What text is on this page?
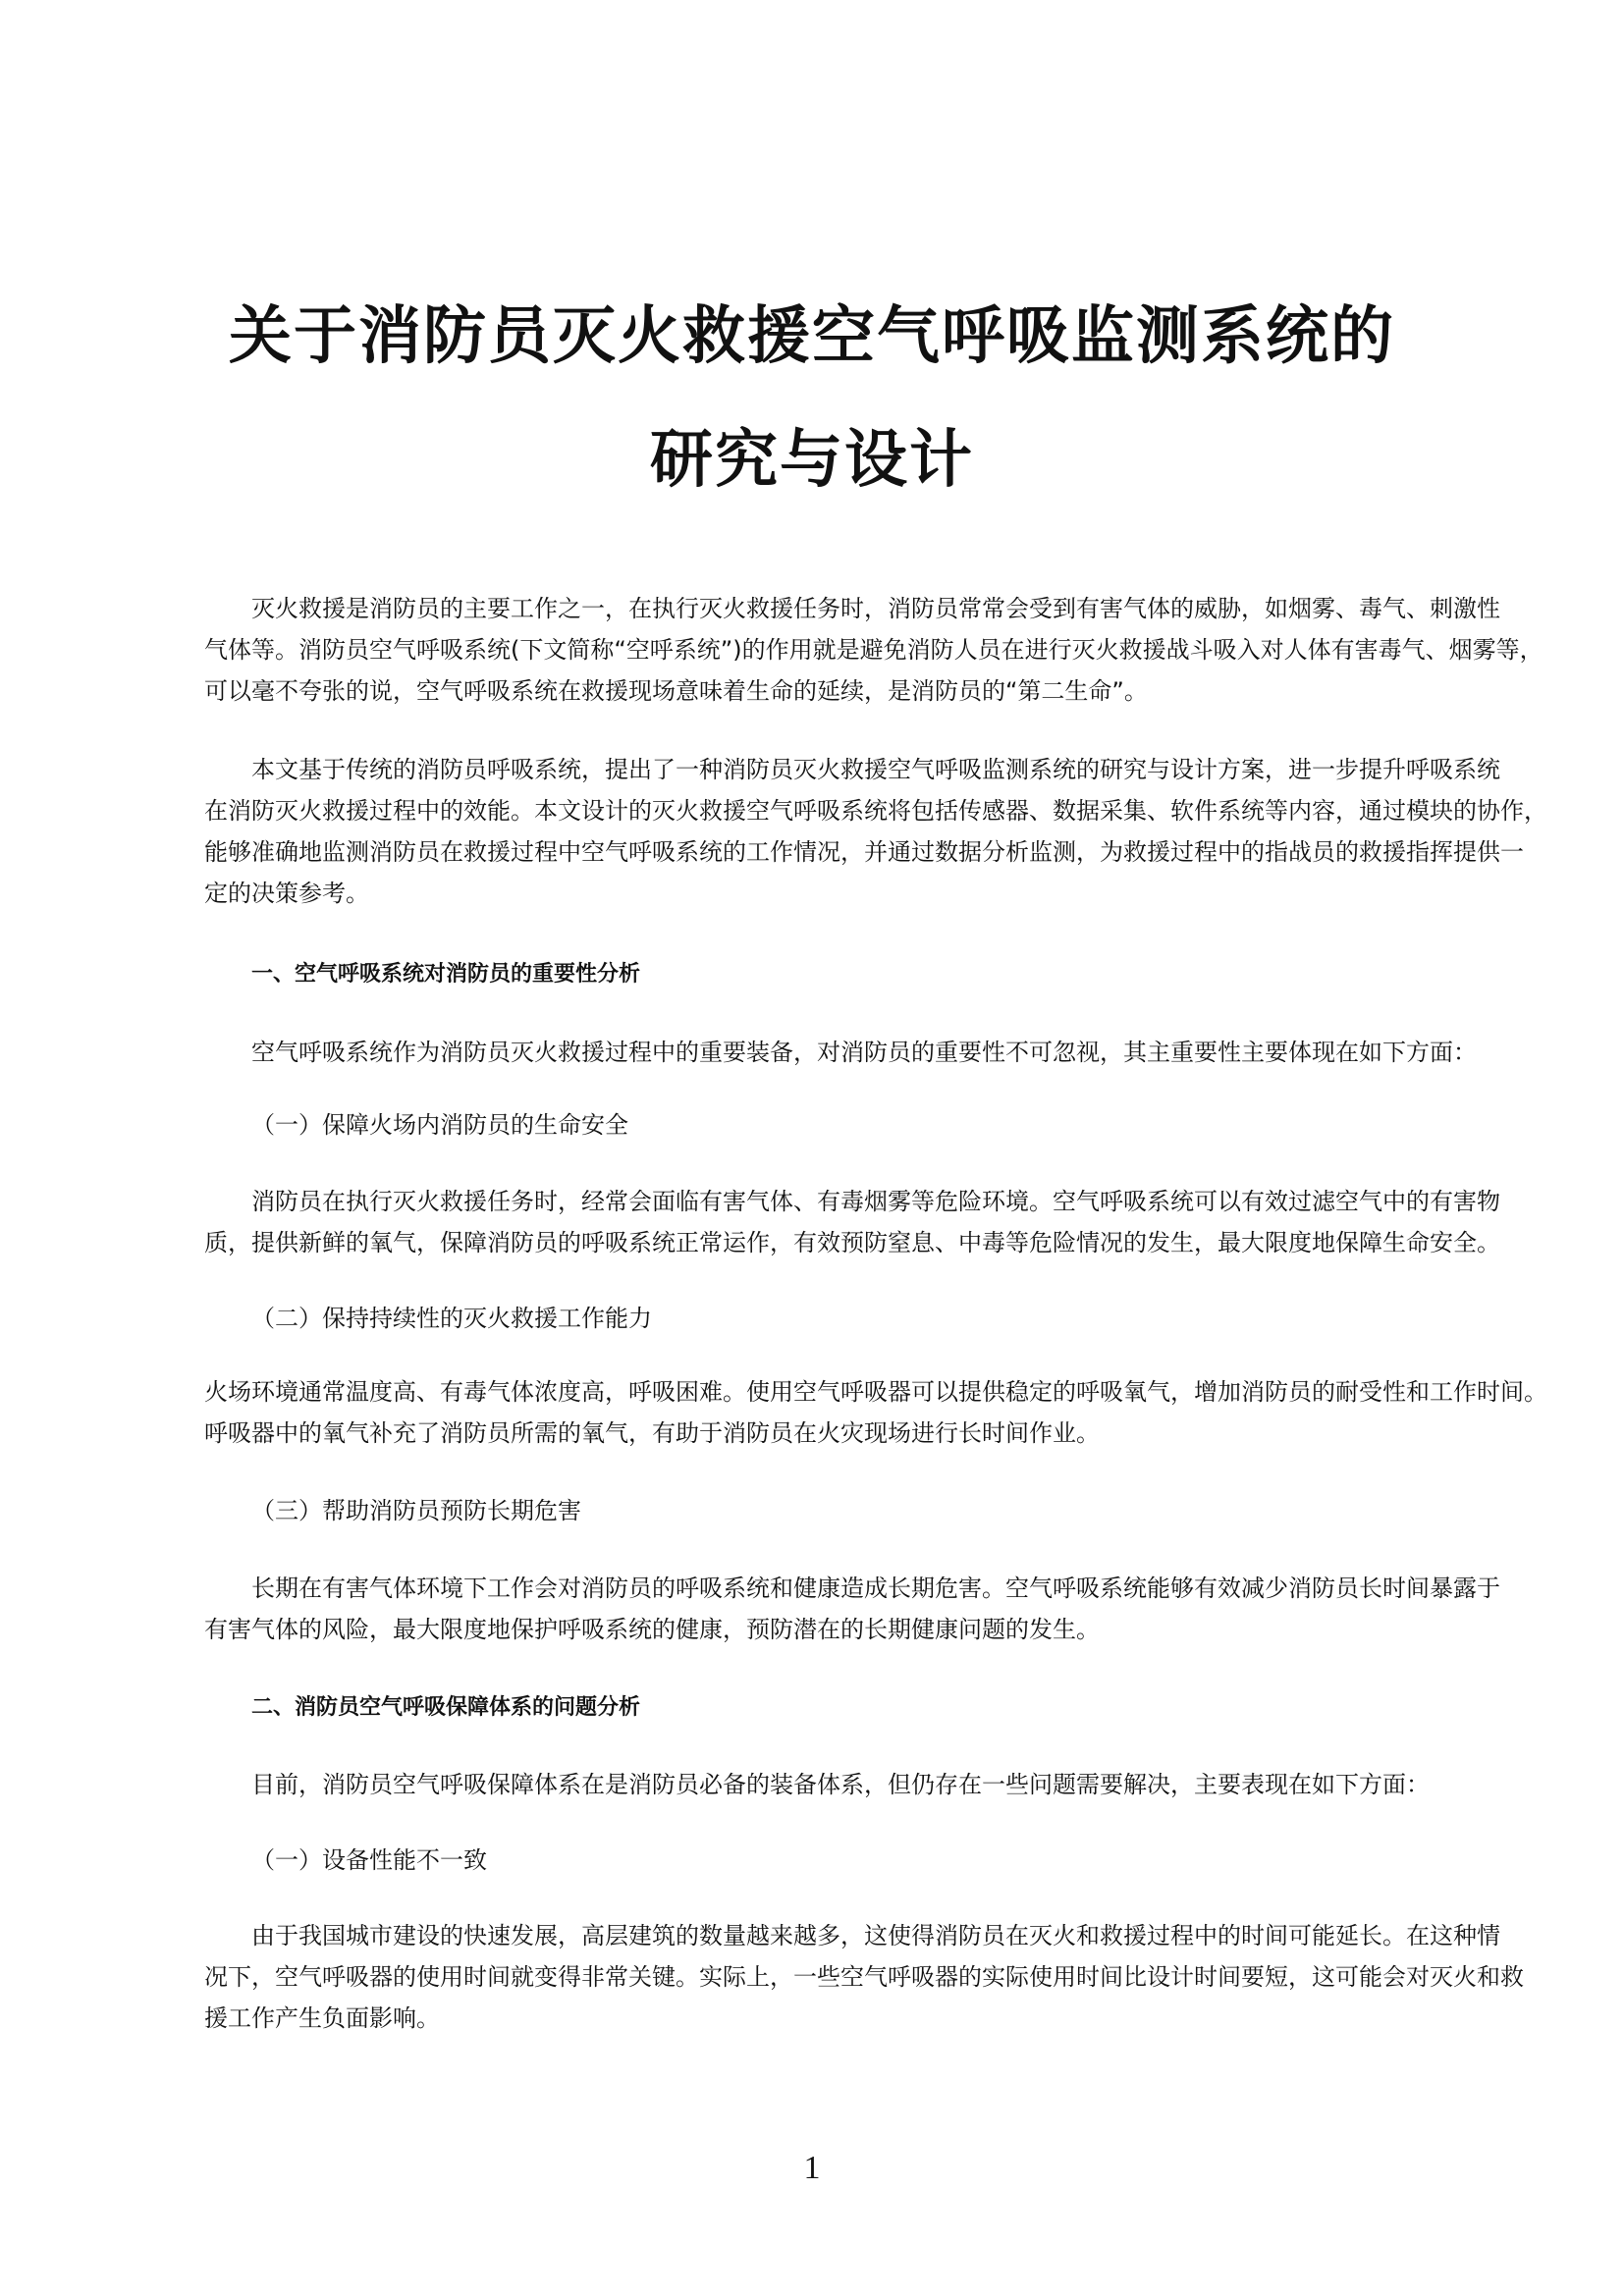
关于消防员灭火救援空气呼吸监测系统的
研究与设计
灭火救援是消防员的主要工作之一，在执行灭火救援任务时，消防员常常会受到有害气体的威胁，如烟雾、毒气、刺激性
气体等。消防员空气呼吸系统(下文简称“空呼系统”)的作用就是避免消防人员在进行灭火救援战斗吸入对人体有害毒气、烟雾等，
可以毫不夸张的说，空气呼吸系统在救援现场意味着生命的延续，是消防员的“第二生命”。
本文基于传统的消防员呼吸系统，提出了一种消防员灭火救援空气呼吸监测系统的研究与设计方案，进一步提升呼吸系统
在消防灭火救援过程中的效能。本文设计的灭火救援空气呼吸系统将包括传感器、数据采集、软件系统等内容，通过模块的协作，
能够准确地监测消防员在救援过程中空气呼吸系统的工作情况，并通过数据分析监测，为救援过程中的指战员的救援指挥提供一
定的决策参考。
一、空气呼吸系统对消防员的重要性分析
空气呼吸系统作为消防员灭火救援过程中的重要装备，对消防员的重要性不可忽视，其主重要性主要体现在如下方面：
（一）保障火场内消防员的生命安全
消防员在执行灭火救援任务时，经常会面临有害气体、有毒烟雾等危险环境。空气呼吸系统可以有效过滤空气中的有害物
质，提供新鲜的氧气，保障消防员的呼吸系统正常运作，有效预防窒息、中毒等危险情况的发生，最大限度地保障生命安全。
（二）保持持续性的灭火救援工作能力
火场环境通常温度高、有毒气体浓度高，呼吸困难。使用空气呼吸器可以提供稳定的呼吸氧气，增加消防员的耐受性和工作时间。
呼吸器中的氧气补充了消防员所需的氧气，有助于消防员在火灾现场进行长时间作业。
（三）帮助消防员预防长期危害
长期在有害气体环境下工作会对消防员的呼吸系统和健康造成长期危害。空气呼吸系统能够有效减少消防员长时间暴露于
有害气体的风险，最大限度地保护呼吸系统的健康，预防潜在的长期健康问题的发生。
二、消防员空气呼吸保障体系的问题分析
目前，消防员空气呼吸保障体系在是消防员必备的装备体系，但仍存在一些问题需要解决，主要表现在如下方面：
（一）设备性能不一致
由于我国城市建设的快速发展，高层建筑的数量越来越多，这使得消防员在灭火和救援过程中的时间可能延长。在这种情
况下，空气呼吸器的使用时间就变得非常关键。实际上，一些空气呼吸器的实际使用时间比设计时间要短，这可能会对灭火和救
援工作产生负面影响。
1
